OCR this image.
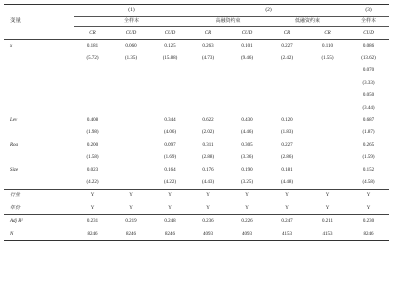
变量	(1)			(2)				(3)
	全样本			高融资约束		低融资约束		全样本
	CR	CUD	CUD	CR	CUD	CR	CR	CUD
x	0.181	0.060	0.125	0.263	0.101	0.227	0.110	0.086
	(5.72)	(1.35)	(15.88)	(4.73)	(9.46)	(2.42)	(1.55)	(13.62)
								0.070
								(3.33)
								0.050
								(3.44)
Lev	0.408		0.344	0.622	0.430	0.120		0.687
	(1.98)		(4.06)	(2.02)	(4.46)	(1.83)		(1.87)
Roa	0.200		0.097	0.311	0.305	0.227		0.265
	(1.58)		(1.69)	(2.88)	(3.36)	(2.86)		(1.59)
Size	0.023		0.164	0.176	0.190	0.181		0.152
	(4.22)		(4.22)	(4.43)	(3.25)	(4.48)		(4.58)
行业	Y	Y	Y	Y	Y	Y	Y	Y
年份	Y	Y	Y	Y	Y	Y	Y	Y
Adj R²	0.231	0.219	0.248	0.236	0.226	0.247	0.211	0.230
N	8246	8246	8246	4093	4093	4153	4153	8246
